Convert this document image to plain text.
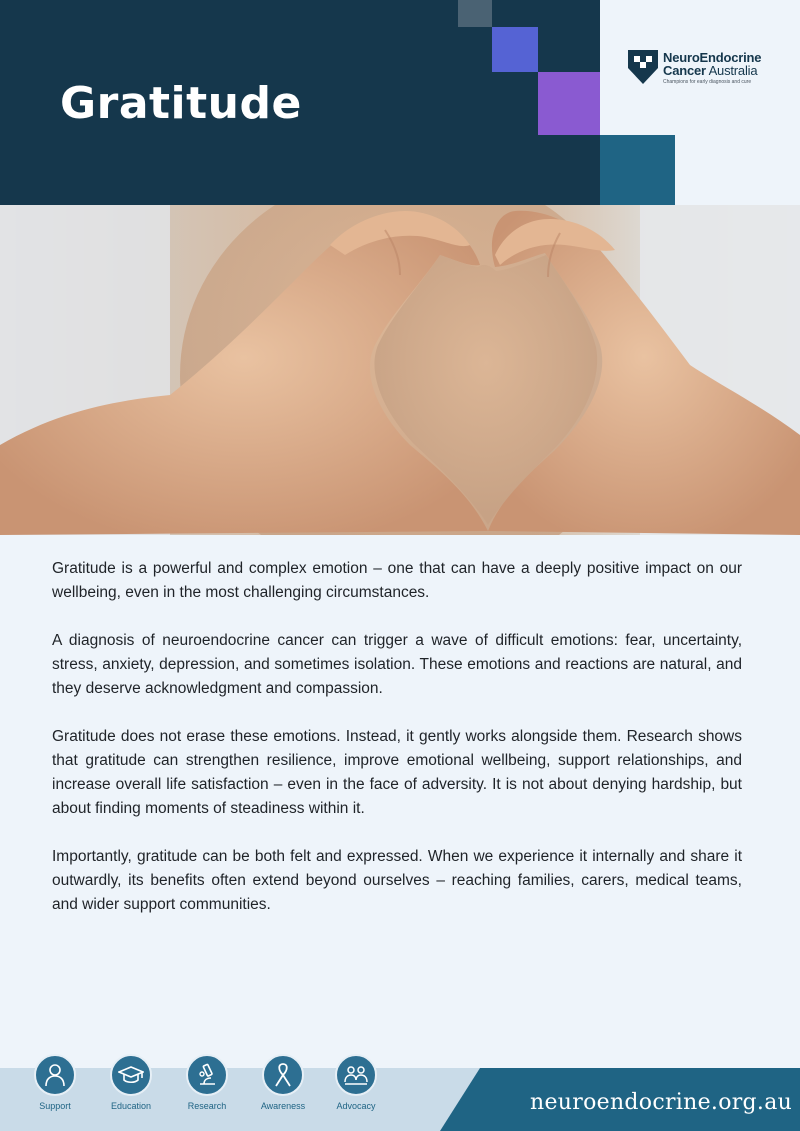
Gratitude
NeuroEndocrine
Cancer Australia
Champions for early diagnosis and cure

Gratitude is a powerful and complex emotion – one that can have a deeply positive impact on our wellbeing, even in the most challenging circumstances.

A diagnosis of neuroendocrine cancer can trigger a wave of difficult emotions: fear, uncertainty, stress, anxiety, depression, and sometimes isolation. These emotions and reactions are natural, and they deserve acknowledgment and compassion.

Gratitude does not erase these emotions. Instead, it gently works alongside them. Research shows that gratitude can strengthen resilience, improve emotional wellbeing, support relationships, and increase overall life satisfaction – even in the face of adversity. It is not about denying hardship, but about finding moments of steadiness within it.

Importantly, gratitude can be both felt and expressed. When we experience it internally and share it outwardly, its benefits often extend beyond ourselves – reaching families, carers, medical teams, and wider support communities.

neuroendocrine.org.au
Support	Education	Research	Awareness	Advocacy
